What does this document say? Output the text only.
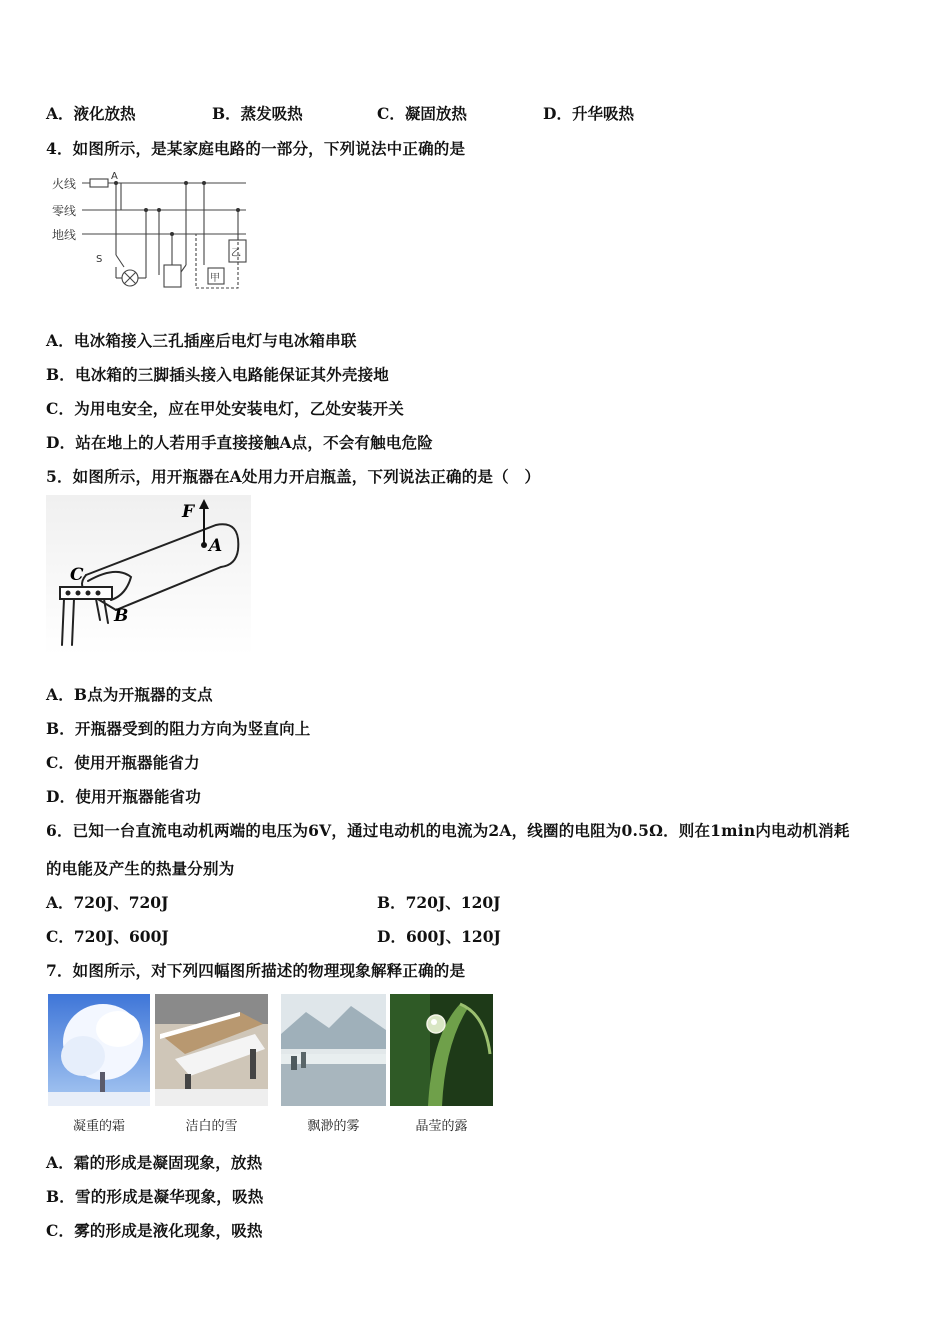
A．液化放热	B．蒸发吸热	C．凝固放热	D．升华吸热
4．如图所示，是某家庭电路的一部分，下列说法中正确的是
火线
零线
地线
A
S
甲
乙
A．电冰箱接入三孔插座后电灯与电冰箱串联
B．电冰箱的三脚插头接入电路能保证其外壳接地
C．为用电安全，应在甲处安装电灯，乙处安装开关
D．站在地上的人若用手直接接触A点，不会有触电危险
5．如图所示，用开瓶器在A处用力开启瓶盖，下列说法正确的是（　）
F
A
C
B
A．B点为开瓶器的支点
B．开瓶器受到的阻力方向为竖直向上
C．使用开瓶器能省力
D．使用开瓶器能省功
6．已知一台直流电动机两端的电压为6V，通过电动机的电流为2A，线圈的电阻为0.5Ω．则在1min内电动机消耗
的电能及产生的热量分别为
A．720J、720J	B．720J、120J
C．720J、600J	D．600J、120J
7．如图所示，对下列四幅图所描述的物理现象解释正确的是
凝重的霜	洁白的雪	飘渺的雾	晶莹的露
A．霜的形成是凝固现象，放热
B．雪的形成是凝华现象，吸热
C．雾的形成是液化现象，吸热
